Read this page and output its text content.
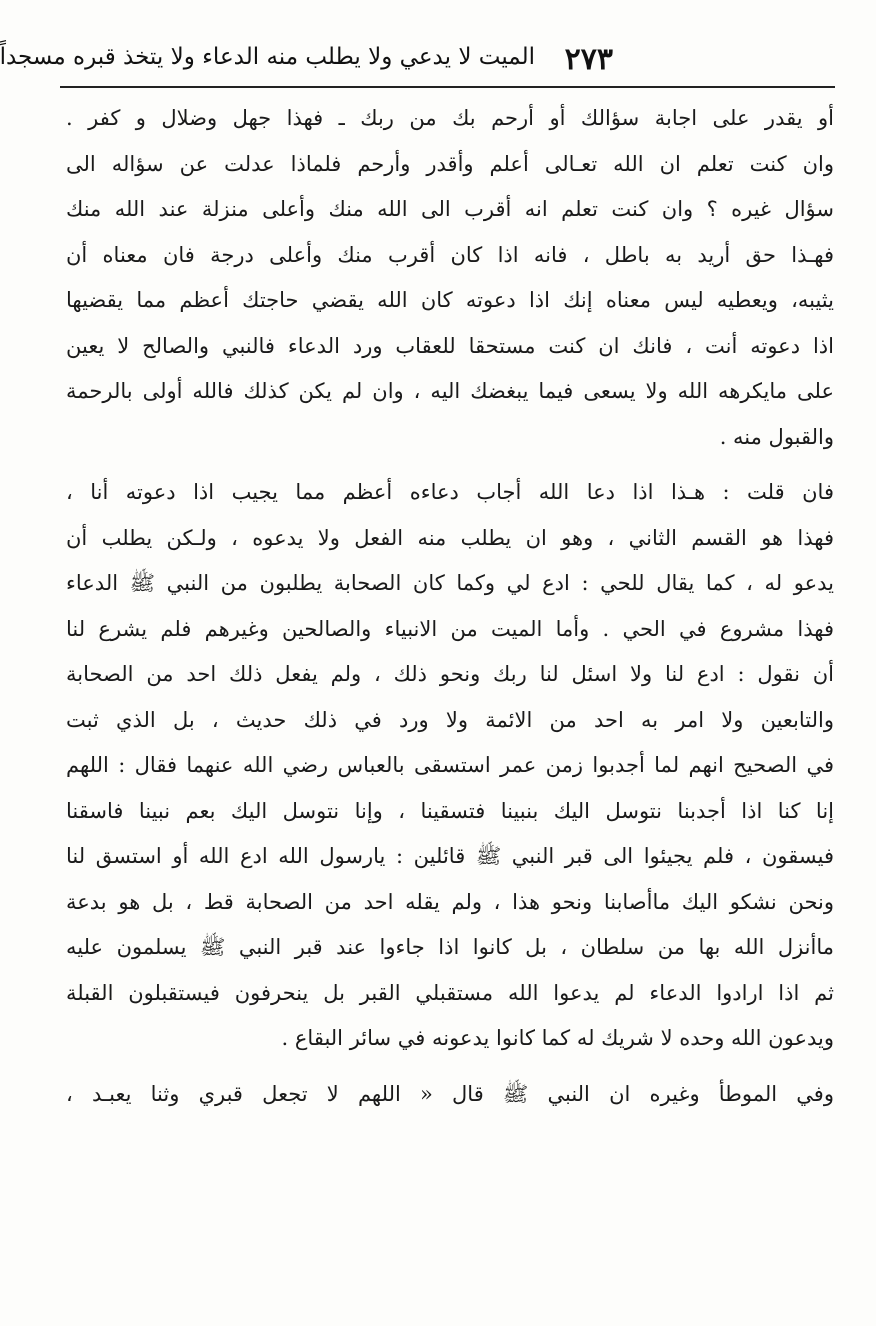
٢٧٣
الميت لا يدعي ولا يطلب منه الدعاء ولا يتخذ قبره مسجداً
أو يقدر على اجابة سؤالك أو أرحم بك من ربك ـ فهذا جهل وضلال و كفر .
وان كنت تعلم ان الله تعـالى أعلم وأقدر وأرحم فلماذا عدلت عن سؤاله الى
سؤال غيره ؟ وان كنت تعلم انه أقرب الى الله منك وأعلى منزلة عند الله منك
فهـذا حق أريد به باطل ، فانه اذا كان أقرب منك وأعلى درجة فان معناه أن
يثيبه، ويعطيه ليس معناه إنك اذا دعوته كان الله يقضي حاجتك أعظم مما يقضيها
اذا دعوته أنت ، فانك ان كنت مستحقا للعقاب ورد الدعاء فالنبي والصالح لا يعين
على مايكرهه الله ولا يسعى فيما يبغضك اليه ، وان لم يكن كذلك فالله أولى بالرحمة
والقبول منه .
فان قلت : هـذا اذا دعا الله أجاب دعاءه أعظم مما يجيب اذا دعوته أنا ،
فهذا هو القسم الثاني ، وهو ان يطلب منه الفعل ولا يدعوه ، ولـكن يطلب أن
يدعو له ، كما يقال للحي : ادع لي وكما كان الصحابة يطلبون من النبي ﷺ الدعاء
فهذا مشروع في الحي . وأما الميت من الانبياء والصالحين وغيرهم فلم يشرع لنا
أن نقول : ادع لنا ولا اسئل لنا ربك ونحو ذلك ، ولم يفعل ذلك احد من الصحابة
والتابعين ولا امر به احد من الائمة ولا ورد في ذلك حديث ، بل الذي ثبت
في الصحيح انهم لما أجدبوا زمن عمر استسقى بالعباس رضي الله عنهما فقال : اللهم
إنا كنا اذا أجدبنا نتوسل اليك بنبينا فتسقينا ، وإنا نتوسل اليك بعم نبينا فاسقنا
فيسقون ، فلم يجيئوا الى قبر النبي ﷺ قائلين : يارسول الله ادع الله أو استسق لنا
ونحن نشكو اليك ماأصابنا ونحو هذا ، ولم يقله احد من الصحابة قط ، بل هو بدعة
ماأنزل الله بها من سلطان ، بل كانوا اذا جاءوا عند قبر النبي ﷺ يسلمون عليه
ثم اذا ارادوا الدعاء لم يدعوا الله مستقبلي القبر بل ينحرفون فيستقبلون القبلة
ويدعون الله وحده لا شريك له كما كانوا يدعونه في سائر البقاع .
وفي الموطأ وغيره ان النبي ﷺ قال « اللهم لا تجعل قبري وثنا يعبـد ،
